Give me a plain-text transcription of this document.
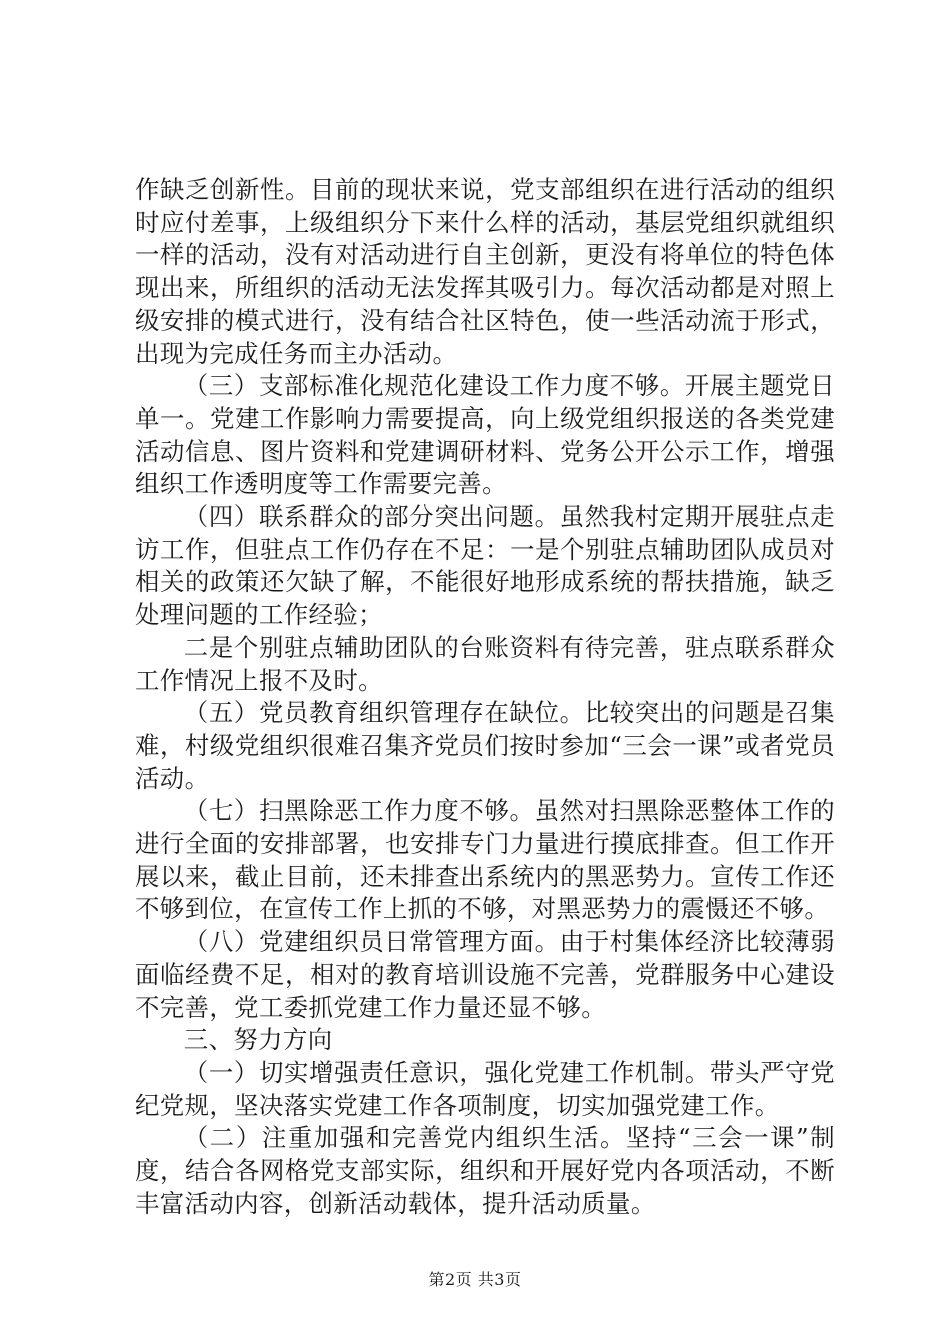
作缺乏创新性。目前的现状来说，党支部组织在进行活动的组织时应付差事，上级组织分下来什么样的活动，基层党组织就组织一样的活动，没有对活动进行自主创新，更没有将单位的特色体现出来，所组织的活动无法发挥其吸引力。每次活动都是对照上级安排的模式进行，没有结合社区特色，使一些活动流于形式，出现为完成任务而主办活动。

（三）支部标准化规范化建设工作力度不够。开展主题党日单一。党建工作影响力需要提高，向上级党组织报送的各类党建活动信息、图片资料和党建调研材料、党务公开公示工作，增强组织工作透明度等工作需要完善。

（四）联系群众的部分突出问题。虽然我村定期开展驻点走访工作，但驻点工作仍存在不足：一是个别驻点辅助团队成员对相关的政策还欠缺了解，不能很好地形成系统的帮扶措施，缺乏处理问题的工作经验；

二是个别驻点辅助团队的台账资料有待完善，驻点联系群众工作情况上报不及时。

（五）党员教育组织管理存在缺位。比较突出的问题是召集难，村级党组织很难召集齐党员们按时参加“三会一课”或者党员活动。

（七）扫黑除恶工作力度不够。虽然对扫黑除恶整体工作的进行全面的安排部署，也安排专门力量进行摸底排查。但工作开展以来，截止目前，还未排查出系统内的黑恶势力。宣传工作还不够到位，在宣传工作上抓的不够，对黑恶势力的震慑还不够。

（八）党建组织员日常管理方面。由于村集体经济比较薄弱面临经费不足，相对的教育培训设施不完善，党群服务中心建设不完善，党工委抓党建工作力量还显不够。

三、努力方向

（一）切实增强责任意识，强化党建工作机制。带头严守党纪党规，坚决落实党建工作各项制度，切实加强党建工作。

（二）注重加强和完善党内组织生活。坚持“三会一课”制度，结合各网格党支部实际，组织和开展好党内各项活动，不断丰富活动内容，创新活动载体，提升活动质量。

第2页 共3页
